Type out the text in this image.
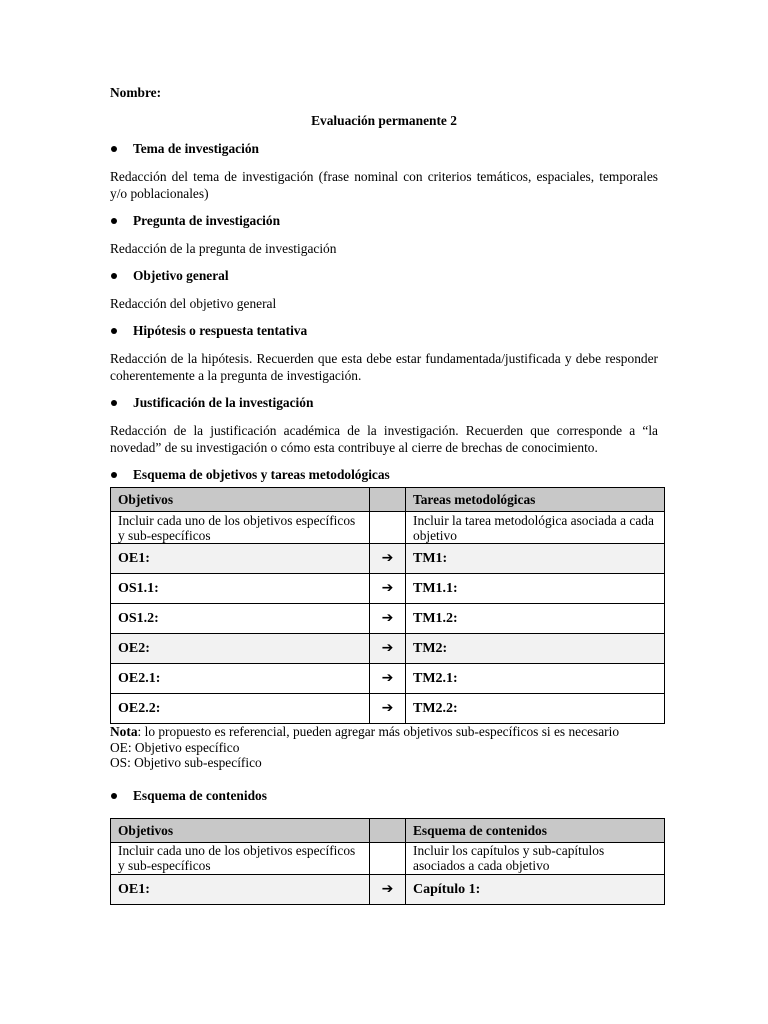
Nombre:

Evaluación permanente 2

Tema de investigación

Redacción del tema de investigación (frase nominal con criterios temáticos, espaciales, temporales y/o poblacionales)

Pregunta de investigación

Redacción de la pregunta de investigación

Objetivo general

Redacción del objetivo general

Hipótesis o respuesta tentativa

Redacción de la hipótesis. Recuerden que esta debe estar fundamentada/justificada y debe responder coherentemente a la pregunta de investigación.

Justificación de la investigación

Redacción de la justificación académica de la investigación. Recuerden que corresponde a “la novedad” de su investigación o cómo esta contribuye al cierre de brechas de conocimiento.

Esquema de objetivos y tareas metodológicas
Objetivos		Tareas metodológicas
Incluir cada uno de los objetivos específicos y sub-específicos		Incluir la tarea metodológica asociada a cada objetivo
OE1:	➔	TM1:
OS1.1:	➔	TM1.1:
OS1.2:	➔	TM1.2:
OE2:	➔	TM2:
OE2.1:	➔	TM2.1:
OE2.2:	➔	TM2.2:

Nota: lo propuesto es referencial, pueden agregar más objetivos sub-específicos si es necesario

OE: Objetivo específico

OS: Objetivo sub-específico

Esquema de contenidos
Objetivos		Esquema de contenidos
Incluir cada uno de los objetivos específicos y sub-específicos		Incluir los capítulos y sub-capítulos asociados a cada objetivo
OE1:	➔	Capítulo 1:
